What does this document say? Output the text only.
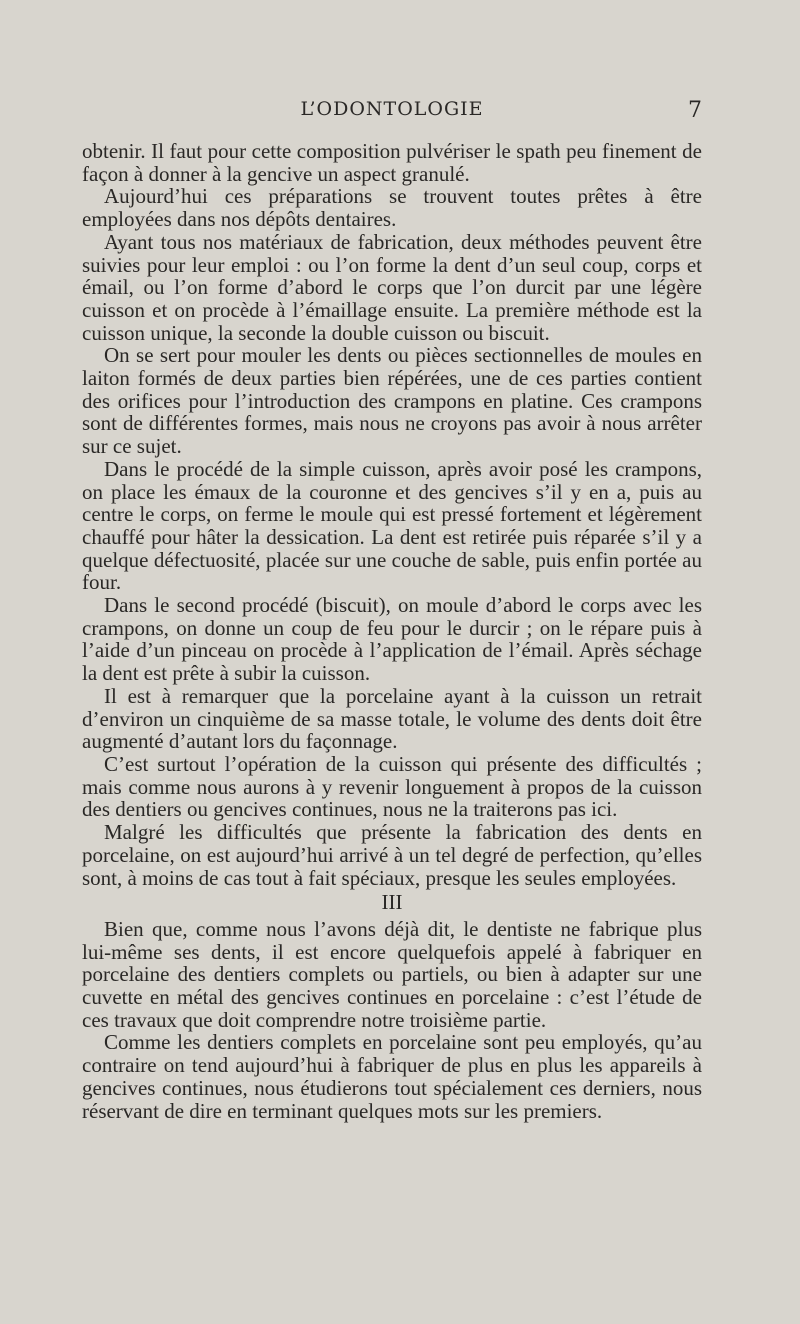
L’ODONTOLOGIE	7

obtenir. Il faut pour cette composition pulvériser le spath peu finement de façon à donner à la gencive un aspect granulé.

Aujourd’hui ces préparations se trouvent toutes prêtes à être employées dans nos dépôts dentaires.

Ayant tous nos matériaux de fabrication, deux méthodes peuvent être suivies pour leur emploi : ou l’on forme la dent d’un seul coup, corps et émail, ou l’on forme d’abord le corps que l’on durcit par une légère cuisson et on procède à l’émaillage ensuite. La première méthode est la cuisson unique, la seconde la double cuisson ou biscuit.

On se sert pour mouler les dents ou pièces sectionnelles de moules en laiton formés de deux parties bien répérées, une de ces parties contient des orifices pour l’introduction des crampons en platine. Ces crampons sont de différentes formes, mais nous ne croyons pas avoir à nous arrêter sur ce sujet.

Dans le procédé de la simple cuisson, après avoir posé les crampons, on place les émaux de la couronne et des gencives s’il y en a, puis au centre le corps, on ferme le moule qui est pressé fortement et légèrement chauffé pour hâter la dessication. La dent est retirée puis réparée s’il y a quelque défectuosité, placée sur une couche de sable, puis enfin portée au four.

Dans le second procédé (biscuit), on moule d’abord le corps avec les crampons, on donne un coup de feu pour le durcir ; on le répare puis à l’aide d’un pinceau on procède à l’application de l’émail. Après séchage la dent est prête à subir la cuisson.

Il est à remarquer que la porcelaine ayant à la cuisson un retrait d’environ un cinquième de sa masse totale, le volume des dents doit être augmenté d’autant lors du façonnage.

C’est surtout l’opération de la cuisson qui présente des difficultés ; mais comme nous aurons à y revenir longuement à propos de la cuisson des dentiers ou gencives continues, nous ne la traiterons pas ici.

Malgré les difficultés que présente la fabrication des dents en porcelaine, on est aujourd’hui arrivé à un tel degré de perfection, qu’elles sont, à moins de cas tout à fait spéciaux, presque les seules employées.

III

Bien que, comme nous l’avons déjà dit, le dentiste ne fabrique plus lui-même ses dents, il est encore quelquefois appelé à fabriquer en porcelaine des dentiers complets ou partiels, ou bien à adapter sur une cuvette en métal des gencives continues en porcelaine : c’est l’étude de ces travaux que doit comprendre notre troisième partie.

Comme les dentiers complets en porcelaine sont peu employés, qu’au contraire on tend aujourd’hui à fabriquer de plus en plus les appareils à gencives continues, nous étudierons tout spécialement ces derniers, nous réservant de dire en terminant quelques mots sur les premiers.
